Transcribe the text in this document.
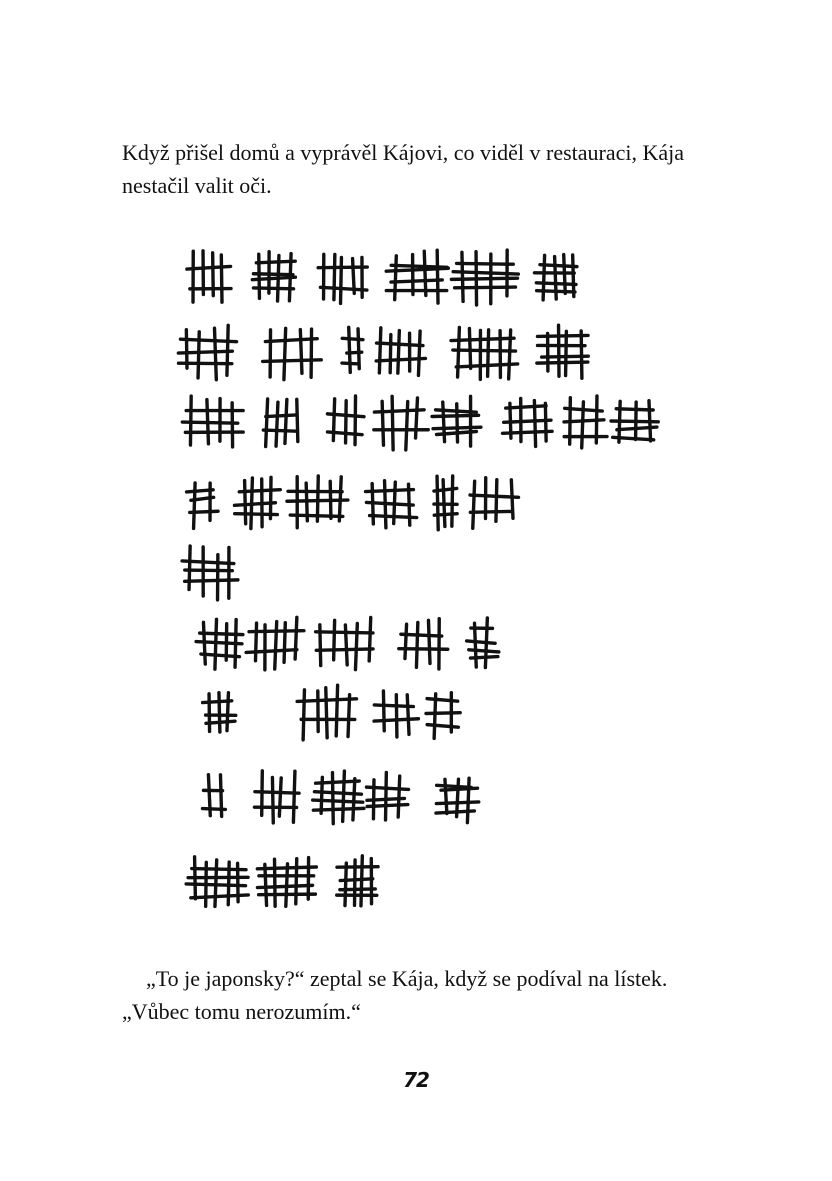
Když přišel domů a vyprávěl Kájovi, co viděl v restauraci, Kája nestačil valit oči.

„To je japonsky?“ zeptal se Kája, když se podíval na lístek. „Vůbec tomu nerozumím.“

72
